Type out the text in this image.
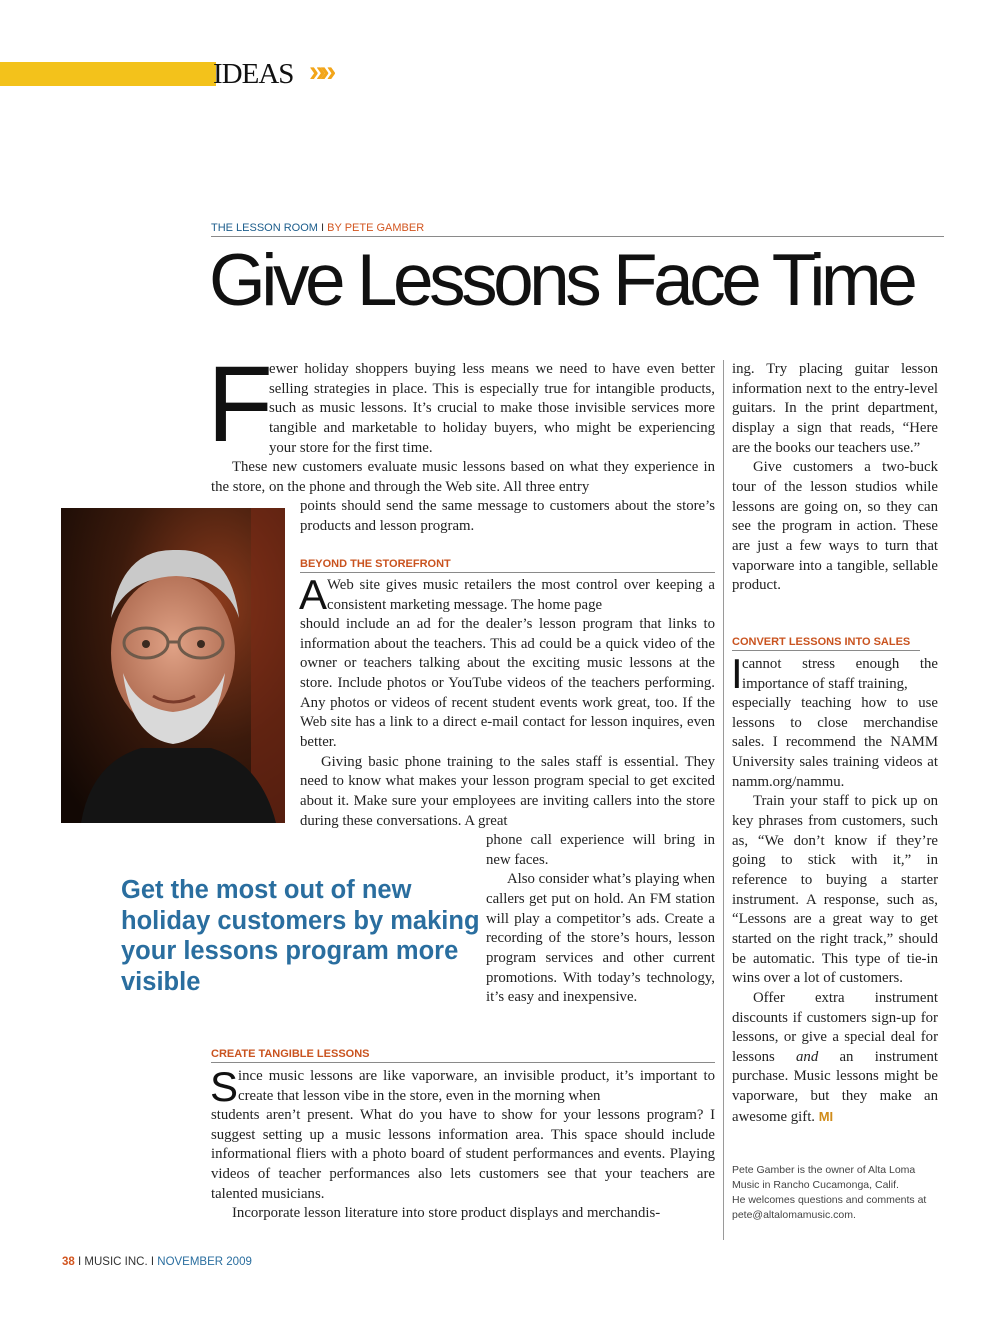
IDEAS »»
THE LESSON ROOM I BY PETE GAMBER
Give Lessons Face Time
F

ewer holiday shoppers buying less means we need to have even better selling strategies in place. This is especially true for intangible products, such as music lessons. It’s crucial to make those invisible services more tangible and marketable to holiday buyers, who might be experiencing your store for the first time.

These new customers evaluate music lessons based on what they experience in the store, on the phone and through the Web site. All three entry

points should send the same message to customers about the store’s products and lesson program.

BEYOND THE STOREFRONT
A Web site gives music retailers the most control over keeping a consistent marketing message. The home page

should include an ad for the dealer’s lesson program that links to information about the teachers. This ad could be a quick video of the owner or teachers talking about the exciting music lessons at the store. Include photos or YouTube videos of the teachers performing. Any photos or videos of recent student events work great, too. If the Web site has a link to a direct e-mail contact for lesson inquires, even better.

Giving basic phone training to the sales staff is essential. They need to know what makes your lesson program special to get excited about it. Make sure your employees are inviting callers into the store during these conversations. A great

phone call experience will bring in new faces.

Also consider what’s playing when callers get put on hold. An FM station will play a competitor’s ads. Create a recording of the store’s hours, lesson program services and other current promotions. With today’s technology, it’s easy and inexpensive.

Get the most out of new holiday customers by making your lessons program more visible
CREATE TANGIBLE LESSONS
S ince music lessons are like vaporware, an invisible product, it’s important to create that lesson vibe in the store, even in the morning when

students aren’t present. What do you have to show for your lessons program? I suggest setting up a music lessons information area. This space should include informational fliers with a photo board of student performances and events. Playing videos of teacher performances also lets customers see that your teachers are talented musicians.

Incorporate lesson literature into store product displays and merchandis-

ing. Try placing guitar lesson information next to the entry-level guitars. In the print department, display a sign that reads, “Here are the books our teachers use.”

Give customers a two-buck tour of the lesson studios while lessons are going on, so they can see the program in action. These are just a few ways to turn that vaporware into a tangible, sellable product.

CONVERT LESSONS INTO SALES
I cannot stress enough the importance of staff training,

especially teaching how to use lessons to close merchandise sales. I recommend the NAMM University sales training videos at namm.org/nammu.

Train your staff to pick up on key phrases from customers, such as, “We don’t know if they’re going to stick with it,” in reference to buying a starter instrument. A response, such as, “Lessons are a great way to get started on the right track,” should be automatic. This type of tie-in wins over a lot of customers.

Offer extra instrument discounts if customers sign-up for lessons, or give a special deal for lessons and an instrument purchase. Music lessons might be vaporware, but they make an awesome gift. MI

Pete Gamber is the owner of Alta Loma Music in Rancho Cucamonga, Calif.
He welcomes questions and comments at pete@altalomamusic.com.
38 I MUSIC INC. I NOVEMBER 2009
